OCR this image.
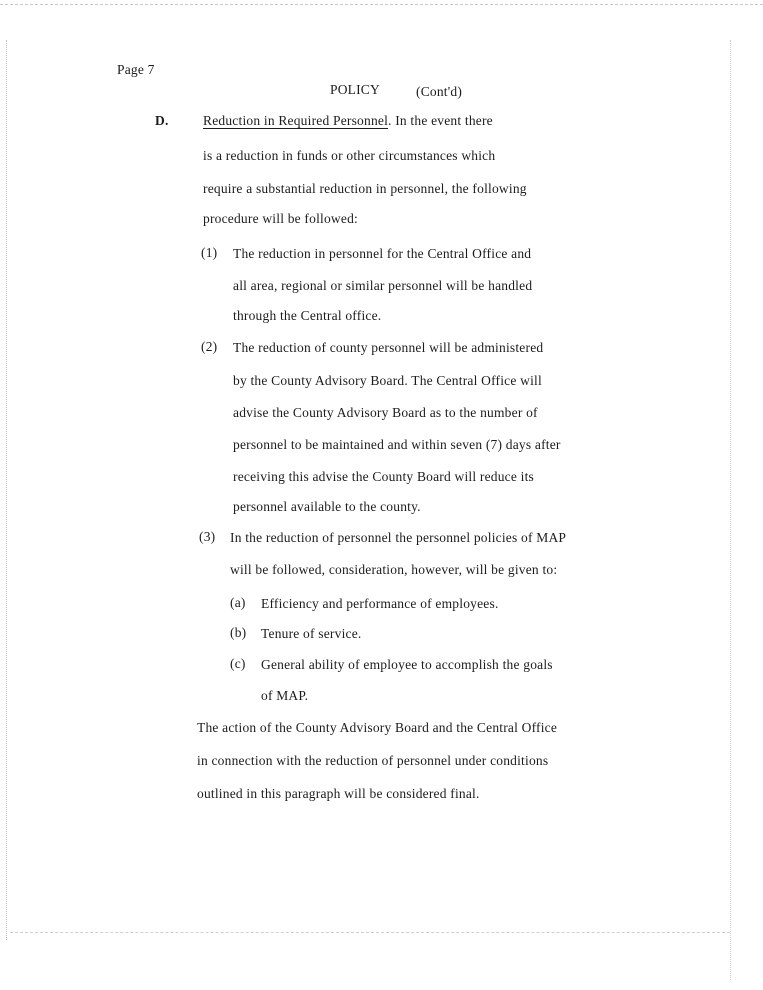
Page 7
POLICY	(Cont'd)
D.	Reduction in Required Personnel. In the event there
is a reduction in funds or other circumstances which
require a substantial reduction in personnel, the following
procedure will be followed:
(1) The reduction in personnel for the Central Office and
all area, regional or similar personnel will be handled
through the Central office.
(2) The reduction of county personnel will be administered
by the County Advisory Board. The Central Office will
advise the County Advisory Board as to the number of
personnel to be maintained and within seven (7) days after
receiving this advise the County Board will reduce its
personnel available to the county.
(3) In the reduction of personnel the personnel policies of MAP
will be followed, consideration, however, will be given to:
(a) Efficiency and performance of employees.
(b) Tenure of service.
(c) General ability of employee to accomplish the goals
of MAP.
The action of the County Advisory Board and the Central Office
in connection with the reduction of personnel under conditions
outlined in this paragraph will be considered final.
